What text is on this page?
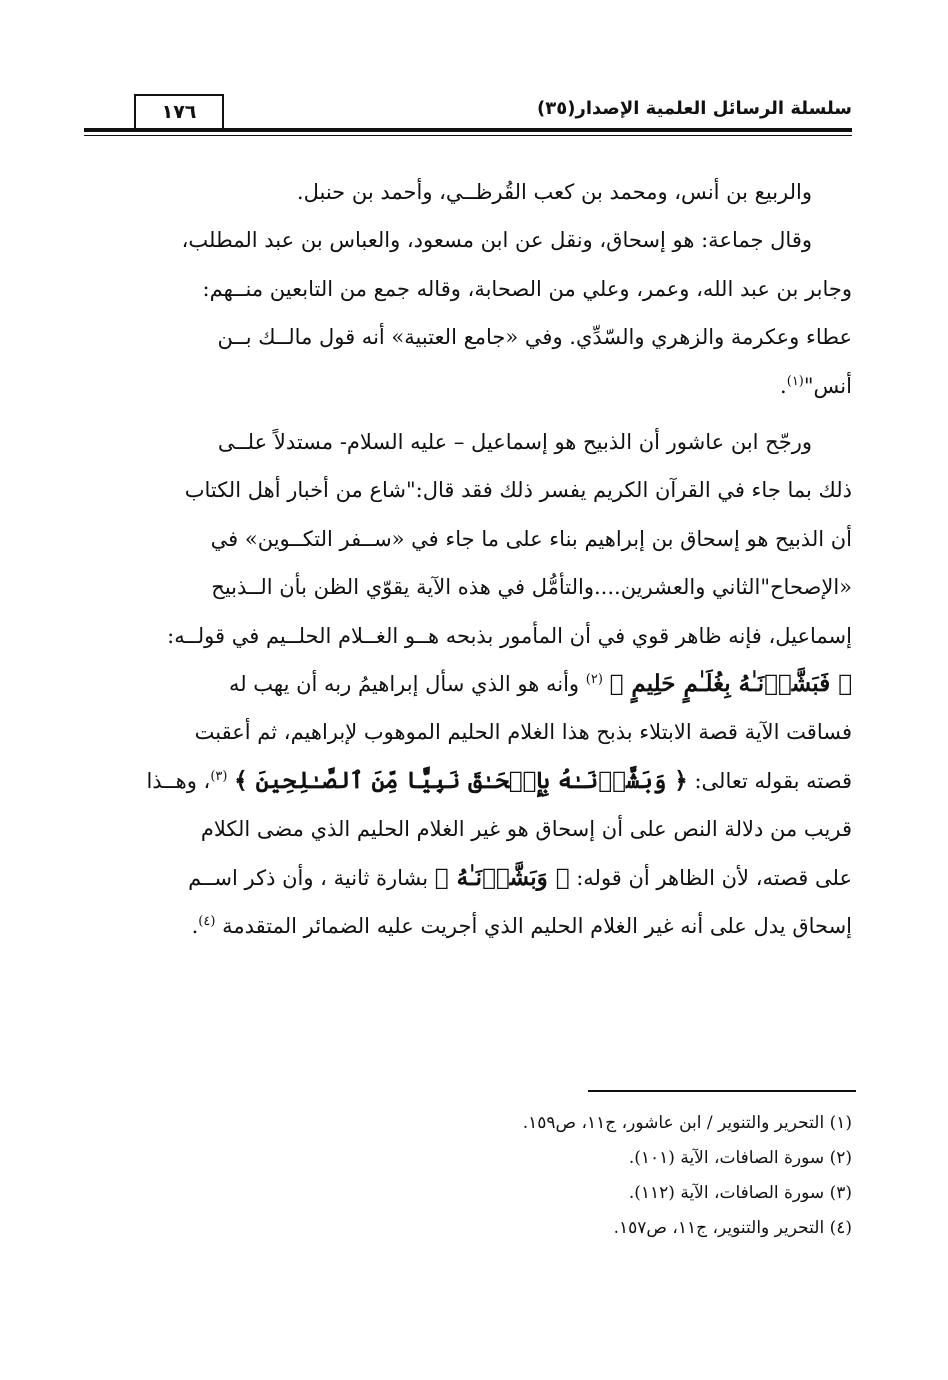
سلسلة الرسائل العلمية الإصدار(٣٥)
١٧٦

والربيع بن أنس، ومحمد بن كعب القُرظــي، وأحمد بن حنبل.

وقال جماعة: هو إسحاق، ونقل عن ابن مسعود، والعباس بن عبد المطلب،

وجابر بن عبد الله، وعمر، وعلي من الصحابة، وقاله جمع من التابعين منــهم:

عطاء وعكرمة والزهري والسّدِّي. وفي «جامع العتبية» أنه قول مالــك بــن

أنس"$^{(١)}$.

ورجّح ابن عاشور أن الذبيح هو إسماعيل – عليه السلام- مستدلاً علــى

ذلك بما جاء في القرآن الكريم يفسر ذلك فقد قال:"شاع من أخبار أهل الكتاب

أن الذبيح هو إسحاق بن إبراهيم بناء على ما جاء في «ســفر التكــوين» في

«الإصحاح"الثاني والعشرين....والتأمُّل في هذه الآية يقوّي الظن بأن الــذبيح

إسماعيل، فإنه ظاهر قوي في أن المأمور بذبحه هــو الغــلام الحلــيم في قولــه:

﴿ فَبَشَّرۡنَـٰهُ بِغُلَـٰمٍ حَلِيمٍ ﴾ $^{(٢)}$ وأنه هو الذي سأل إبراهيمُ ربه أن يهب له

فساقت الآية قصة الابتلاء بذبح هذا الغلام الحليم الموهوب لإبراهيم، ثم أعقبت

قصته بقوله تعالى: ﴿ وَبَشَّرۡنَـٰهُ بِإِسۡحَـٰقَ نَبِيًّا مِّنَ ٱلصَّـٰلِحِينَ ﴾ $^{(٣)}$، وهــذا

قريب من دلالة النص على أن إسحاق هو غير الغلام الحليم الذي مضى الكلام

على قصته، لأن الظاهر أن قوله: ﴿ وَبَشَّرۡنَـٰهُ ﴾ بشارة ثانية ، وأن ذكر اســم

إسحاق يدل على أنه غير الغلام الحليم الذي أجريت عليه الضمائر المتقدمة $^{(٤)}$.

(١) التحرير والتنوير / ابن عاشور، ج١١، ص١٥٩.

(٢) سورة الصافات، الآية (١٠١).

(٣) سورة الصافات، الآية (١١٢).

(٤) التحرير والتنوير، ج١١، ص١٥٧.
